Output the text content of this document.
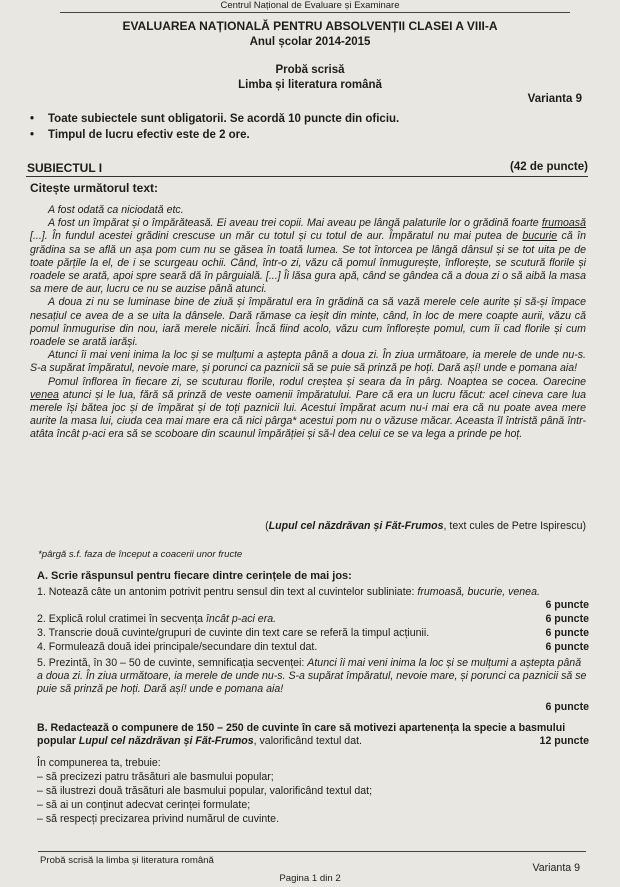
Centrul Național de Evaluare și Examinare
EVALUAREA NAȚIONALĂ PENTRU ABSOLVENȚII CLASEI A VIII-A
Anul școlar 2014-2015
Probă scrisă
Limba și literatura română
Varianta 9
• Toate subiectele sunt obligatorii. Se acordă 10 puncte din oficiu.
• Timpul de lucru efectiv este de 2 ore.
SUBIECTUL I	(42 de puncte)
Citește următorul text:

A fost odată ca niciodată etc.

A fost un împărat și o împărăteasă. Ei aveau trei copii. Mai aveau pe lângă palaturile lor o grădină foarte frumoasă [...]. În fundul acestei grădini crescuse un măr cu totul și cu totul de aur. Împăratul nu mai putea de bucurie că în grădina sa se află un așa pom cum nu se găsea în toată lumea. Se tot întorcea pe lângă dânsul și se tot uita pe de toate părțile la el, de i se scurgeau ochii. Când, într-o zi, văzu că pomul înmugurește, înflorește, se scutură florile și roadele se arată, apoi spre seară dă în pârguială. [...] Îi lăsa gura apă, când se gândea că a doua zi o să aibă la masa sa mere de aur, lucru ce nu se auzise până atunci.

A doua zi nu se luminase bine de ziuă și împăratul era în grădină ca să vază merele cele aurite și să-și împace nesațiul ce avea de a se uita la dânsele. Dară rămase ca ieșit din minte, când, în loc de mere coapte aurii, văzu că pomul înmugurise din nou, iară merele nicăiri. Încă fiind acolo, văzu cum înflorește pomul, cum îi cad florile și cum roadele se arată iarăși.

Atunci îi mai veni inima la loc și se mulțumi a aștepta până a doua zi. În ziua următoare, ia merele de unde nu-s. S-a supărat împăratul, nevoie mare, și porunci ca paznicii să se puie să prinză pe hoți. Dară așí! unde e pomana aia!

Pomul înflorea în fiecare zi, se scuturau florile, rodul creștea și seara da în pârg. Noaptea se cocea. Oarecine venea atunci și le lua, fără să prinză de veste oamenii împăratului. Pare că era un lucru făcut: acel cineva care lua merele își bătea joc și de împărat și de toți paznicii lui. Acestui împărat acum nu-i mai era că nu poate avea mere aurite la masa lui, ciuda cea mai mare era că nici pârga* acestui pom nu o văzuse măcar. Aceasta îl întristă până într-atâta încât p-aci era să se scoboare din scaunul împărăției și să-l dea celui ce se va lega a prinde pe hoț.

(Lupul cel năzdrăvan și Făt-Frumos, text cules de Petre Ispirescu)
*pârgă s.f. faza de început a coacerii unor fructe
A. Scrie răspunsul pentru fiecare dintre cerințele de mai jos:
1. Notează câte un antonim potrivit pentru sensul din text al cuvintelor subliniate: frumoasă, bucurie, venea.
6 puncte
2. Explică rolul cratimei în secvența încât p-aci era.	6 puncte
3. Transcrie două cuvinte/grupuri de cuvinte din text care se referă la timpul acțiunii.	6 puncte
4. Formulează două idei principale/secundare din textul dat.	6 puncte
5. Prezintă, în 30 – 50 de cuvinte, semnificația secvenței: Atunci îi mai veni inima la loc și se mulțumi a aștepta până a doua zi. În ziua următoare, ia merele de unde nu-s. S-a supărat împăratul, nevoie mare, și porunci ca paznicii să se puie să prinză pe hoți. Dară așí! unde e pomana aia!
6 puncte
B. Redactează o compunere de 150 – 250 de cuvinte în care să motivezi apartenența la specie a basmului popular Lupul cel năzdrăvan și Făt-Frumos, valorificând textul dat.	12 puncte
În compunerea ta, trebuie:
– să precizezi patru trăsături ale basmului popular;
– să ilustrezi două trăsături ale basmului popular, valorificând textul dat;
– să ai un conținut adecvat cerinței formulate;
– să respecți precizarea privind numărul de cuvinte.
Probă scrisă la limba și literatura română
Varianta 9
Pagina 1 din 2
